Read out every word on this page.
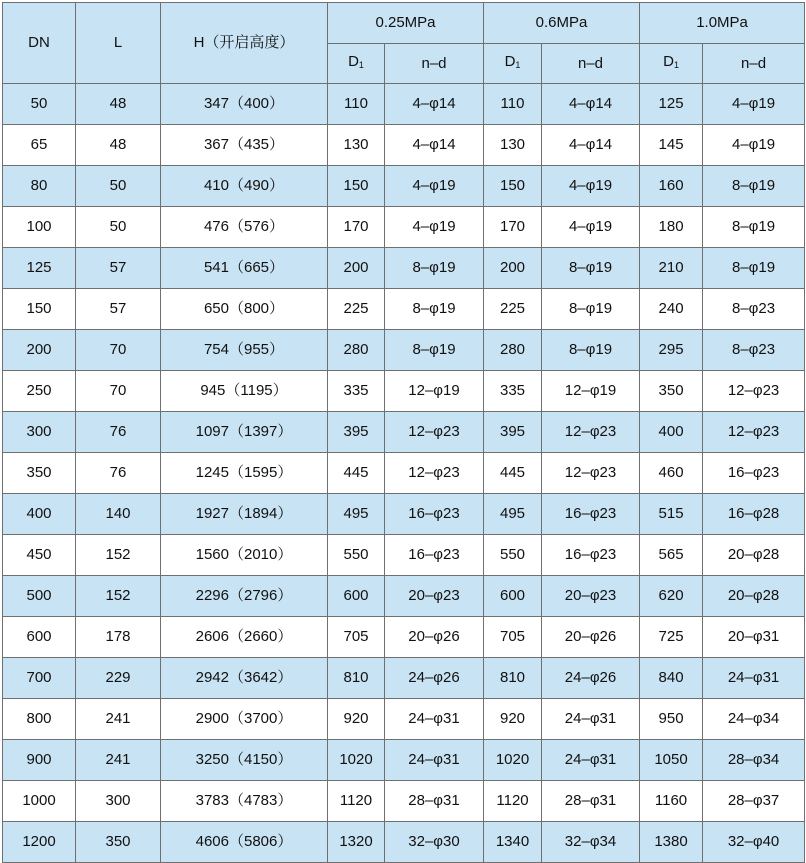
DN	L	H（开启高度）	0.25MPa		0.6MPa		1.0MPa	
			$D_1$	n–d	$D_1$	n–d	$D_1$	n–d
50	48	347（400）	110	4–φ14	110	4–φ14	125	4–φ19
65	48	367（435）	130	4–φ14	130	4–φ14	145	4–φ19
80	50	410（490）	150	4–φ19	150	4–φ19	160	8–φ19
100	50	476（576）	170	4–φ19	170	4–φ19	180	8–φ19
125	57	541（665）	200	8–φ19	200	8–φ19	210	8–φ19
150	57	650（800）	225	8–φ19	225	8–φ19	240	8–φ23
200	70	754（955）	280	8–φ19	280	8–φ19	295	8–φ23
250	70	945（1195）	335	12–φ19	335	12–φ19	350	12–φ23
300	76	1097（1397）	395	12–φ23	395	12–φ23	400	12–φ23
350	76	1245（1595）	445	12–φ23	445	12–φ23	460	16–φ23
400	140	1927（1894）	495	16–φ23	495	16–φ23	515	16–φ28
450	152	1560（2010）	550	16–φ23	550	16–φ23	565	20–φ28
500	152	2296（2796）	600	20–φ23	600	20–φ23	620	20–φ28
600	178	2606（2660）	705	20–φ26	705	20–φ26	725	20–φ31
700	229	2942（3642）	810	24–φ26	810	24–φ26	840	24–φ31
800	241	2900（3700）	920	24–φ31	920	24–φ31	950	24–φ34
900	241	3250（4150）	1020	24–φ31	1020	24–φ31	1050	28–φ34
1000	300	3783（4783）	1120	28–φ31	1120	28–φ31	1160	28–φ37
1200	350	4606（5806）	1320	32–φ30	1340	32–φ34	1380	32–φ40
